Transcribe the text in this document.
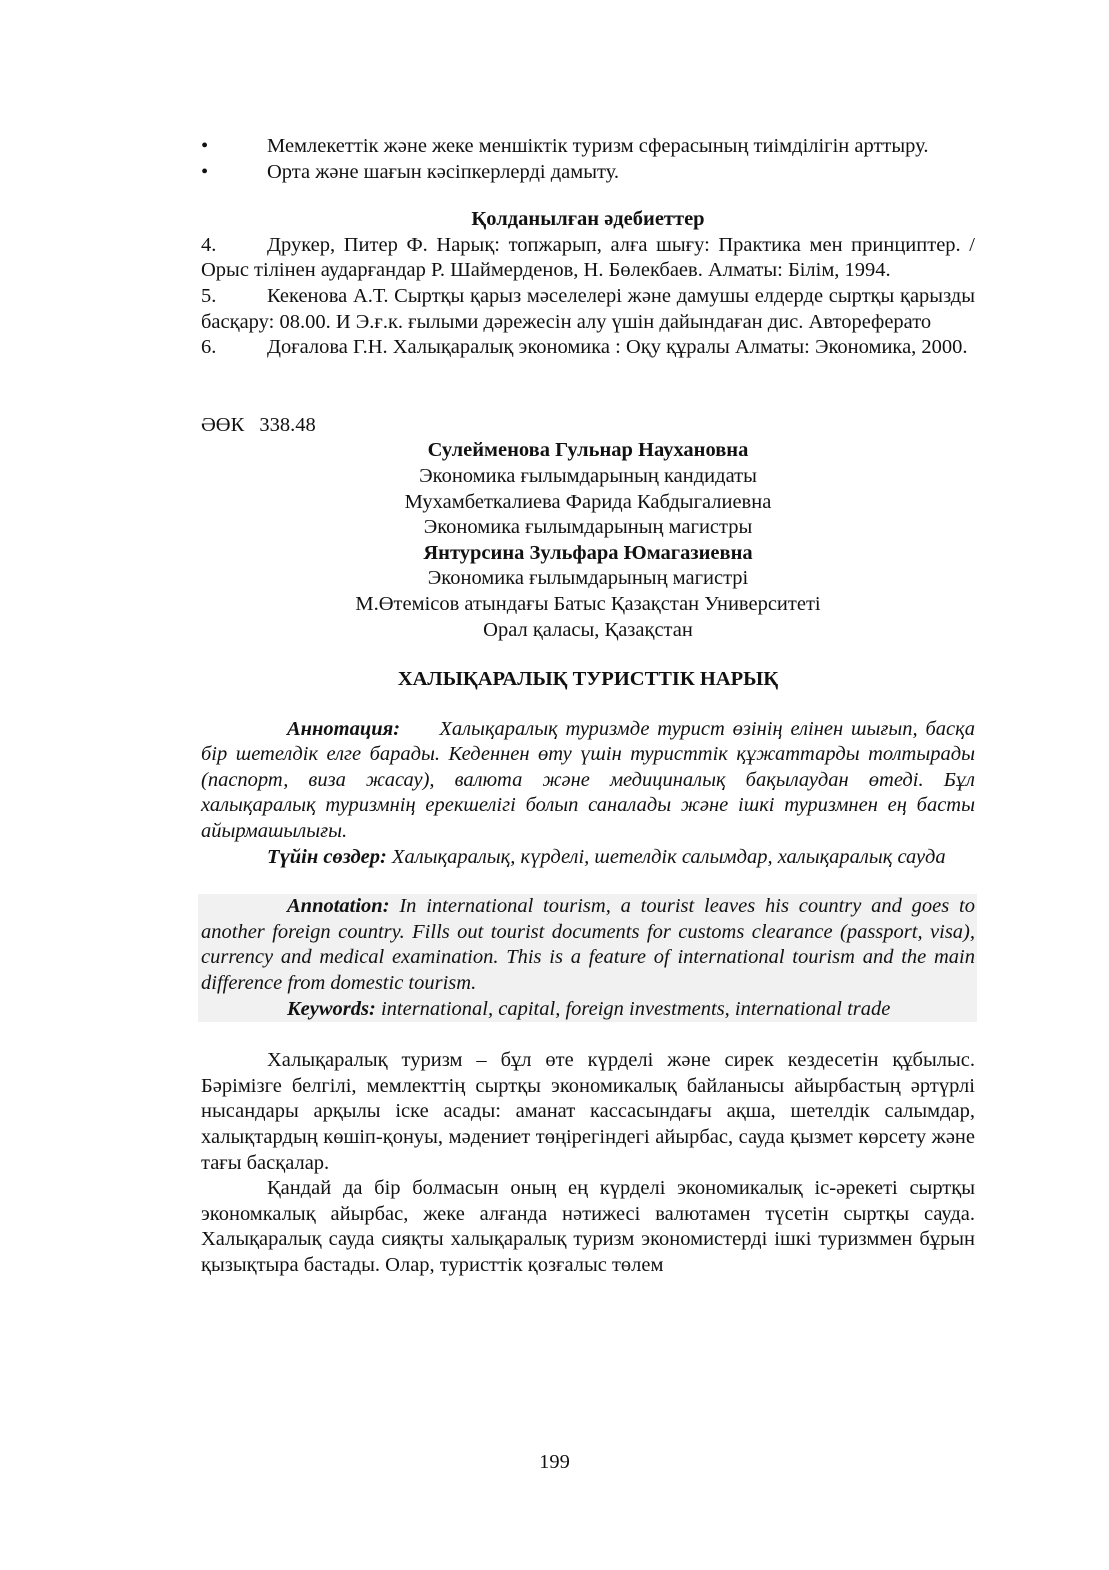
•	Мемлекеттік және жеке меншіктік туризм сферасының тиімділігін арттыру.

•	Орта және шағын кәсіпкерлерді дамыту.

Қолданылған әдебиеттер

4. Друкер, Питер Ф. Нарық: топжарып, алға шығу: Практика мен принциптер. / Орыс тілінен аударғандар Р. Шаймерденов, Н. Бөлекбаев. Алматы: Білім, 1994.

5. Кекенова А.Т. Сыртқы қарыз мәселелері және дамушы елдерде сыртқы қарызды басқару: 08.00. И Э.ғ.к. ғылыми дәрежесін алу үшін дайындаған дис. Автореферато

6. Доғалова Г.Н. Халықаралық экономика : Оқу құралы Алматы: Экономика, 2000.

ӘӨК 338.48

Сулейменова Гульнар Наухановна

Экономика ғылымдарының кандидаты

Мухамбеткалиева Фарида Кабдыгалиевна

Экономика ғылымдарының магистры

Янтурсина Зульфара Юмагазиевна

Экономика ғылымдарының магистрі

М.Өтемісов атындағы Батыс Қазақстан Университеті

Орал қаласы, Қазақстан

ХАЛЫҚАРАЛЫҚ ТУРИСТТІК НАРЫҚ

Аннотация: Халықаралық туризмде турист өзінің елінен шығып, басқа бір шетелдік елге барады. Кеденнен өту үшін туристтік құжаттарды толтырады (паспорт, виза жасау), валюта және медициналық бақылаудан өтеді. Бұл халықаралық туризмнің ерекшелігі болып саналады және ішкі туризмнен ең басты айырмашылығы.

Түйін сөздер: Халықаралық, күрделі, шетелдік салымдар, халықаралық сауда

Annotation: In international tourism, a tourist leaves his country and goes to another foreign country. Fills out tourist documents for customs clearance (passport, visa), currency and medical examination. This is a feature of international tourism and the main difference from domestic tourism.

Keywords: international, capital, foreign investments, international trade

Халықаралық туризм – бұл өте күрделі және сирек кездесетін құбылыс. Бәрімізге белгілі, мемлекттің сыртқы экономикалық байланысы айырбастың әртүрлі нысандары арқылы іске асады: аманат кассасындағы ақша, шетелдік салымдар, халықтардың көшіп-қонуы, мәдениет төңірегіндегі айырбас, сауда қызмет көрсету және тағы басқалар.

Қандай да бір болмасын оның ең күрделі экономикалық іс-әрекеті сыртқы экономкалық айырбас, жеке алғанда нәтижесі валютамен түсетін сыртқы сауда. Халықаралық сауда сияқты халықаралық туризм экономистерді ішкі туризммен бұрын қызықтыра бастады. Олар, туристтік қозғалыс төлем

199
